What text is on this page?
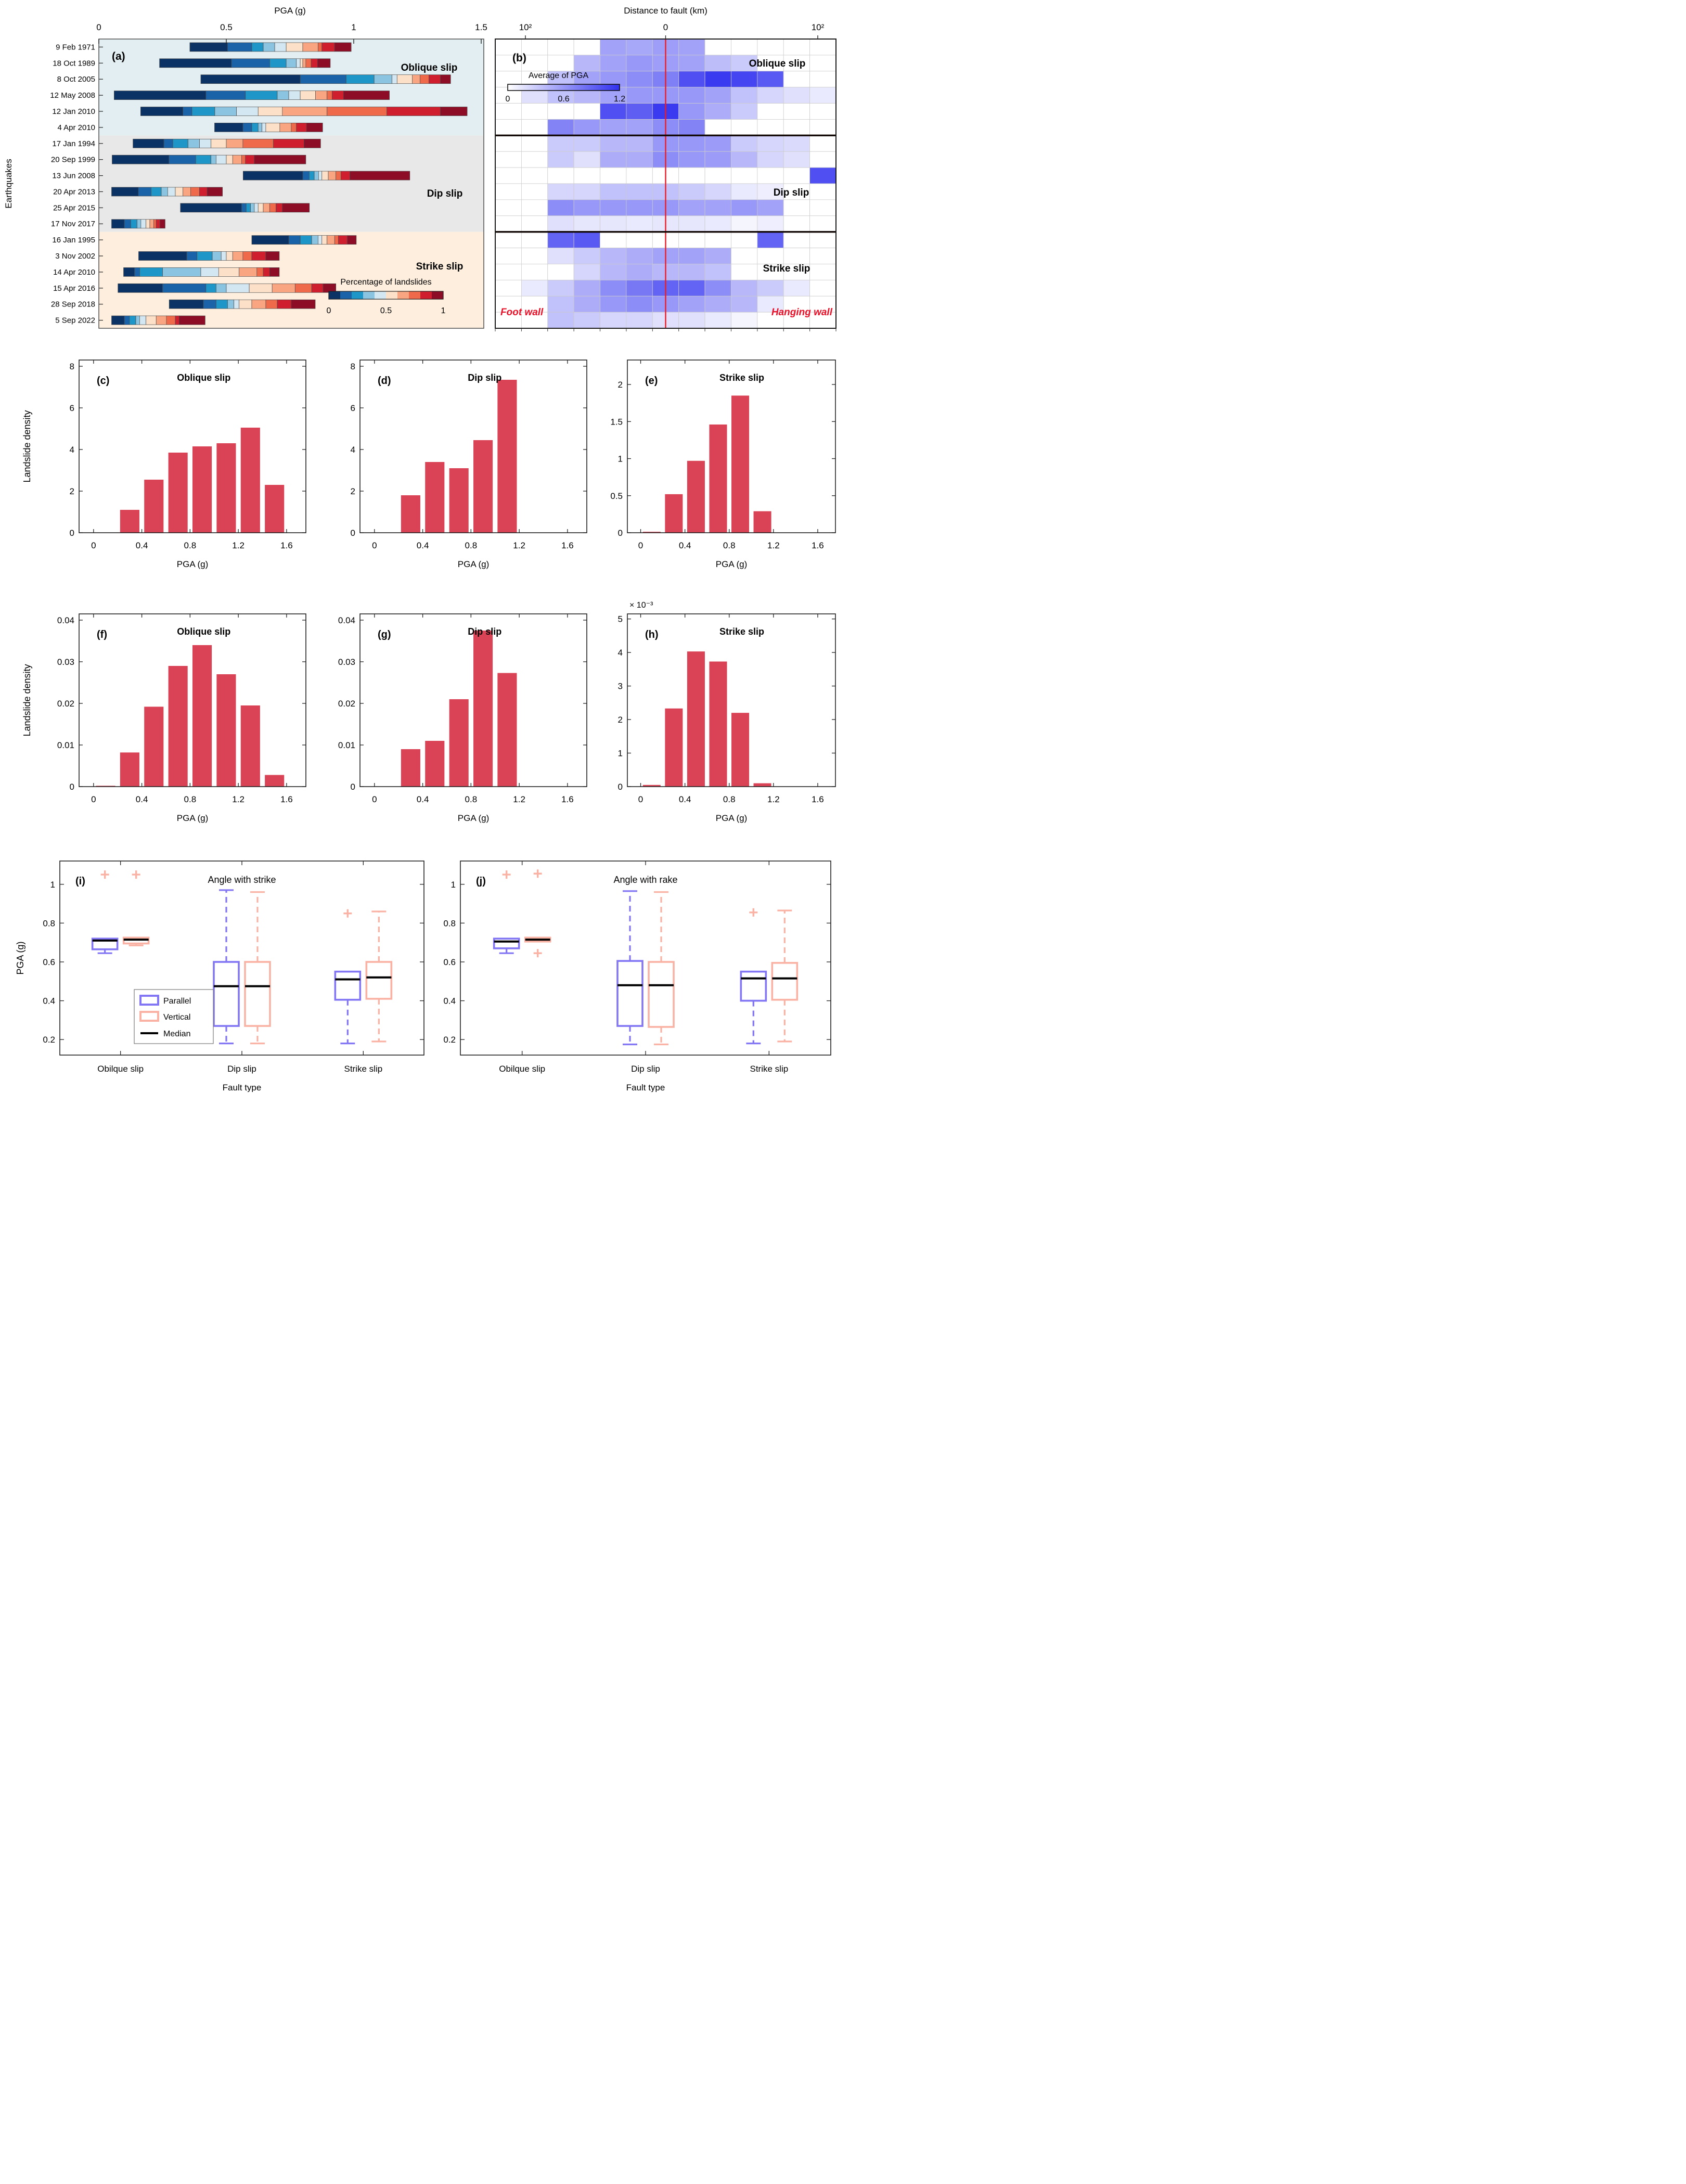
9 Feb 1971
18 Oct 1989
8 Oct 2005
12 May 2008
12 Jan 2010
4 Apr 2010
17 Jan 1994
20 Sep 1999
13 Jun 2008
20 Apr 2013
25 Apr 2015
17 Nov 2017
16 Jan 1995
3 Nov 2002
14 Apr 2010
15 Apr 2016
28 Sep 2018
5 Sep 2022
PGA (g)
0	0.5	1	1.5
(a)
Oblique slip
Dip slip
Strike slip
Earthquakes
Percentage of landslides
0	0.5	1
Distance to fault (km)
10²	0	10²
(b)
Average of PGA
0	0.6	1.2
Oblique slip
Dip slip
Strike slip
Foot wall	Hanging wall
0	0.4	0.8	1.2	1.6
0
2
4
6
8
(c)	Oblique slip
PGA (g)
Landslide density
0	0.4	0.8	1.2	1.6
0
2
4
6
8
(d)	Dip slip
PGA (g)
0	0.4	0.8	1.2	1.6
0
0.5
1
1.5
2 (e)	Strike slip
PGA (g)
0	0.4	0.8	1.2	1.6
0
0.01
0.02
0.03
0.04
(f)	Oblique slip
PGA (g)
Landslide density
0	0.4	0.8	1.2	1.6
0
0.01
0.02
0.03
0.04
(g)	Dip slip
PGA (g)
0	0.4	0.8	1.2	1.6
0
1
2
3
4
5
(h)	Strike slip
PGA (g)
× 10⁻³
0.2
0.4
0.6
0.8
1
Obilque slip	Dip slip	Strike slip
(i)	Angle with strike
Fault type
PGA (g)
Parallel
Vertical
Median
0.2
0.4
0.6
0.8
1
Obilque slip	Dip slip	Strike slip
(j)	Angle with rake
Fault type
